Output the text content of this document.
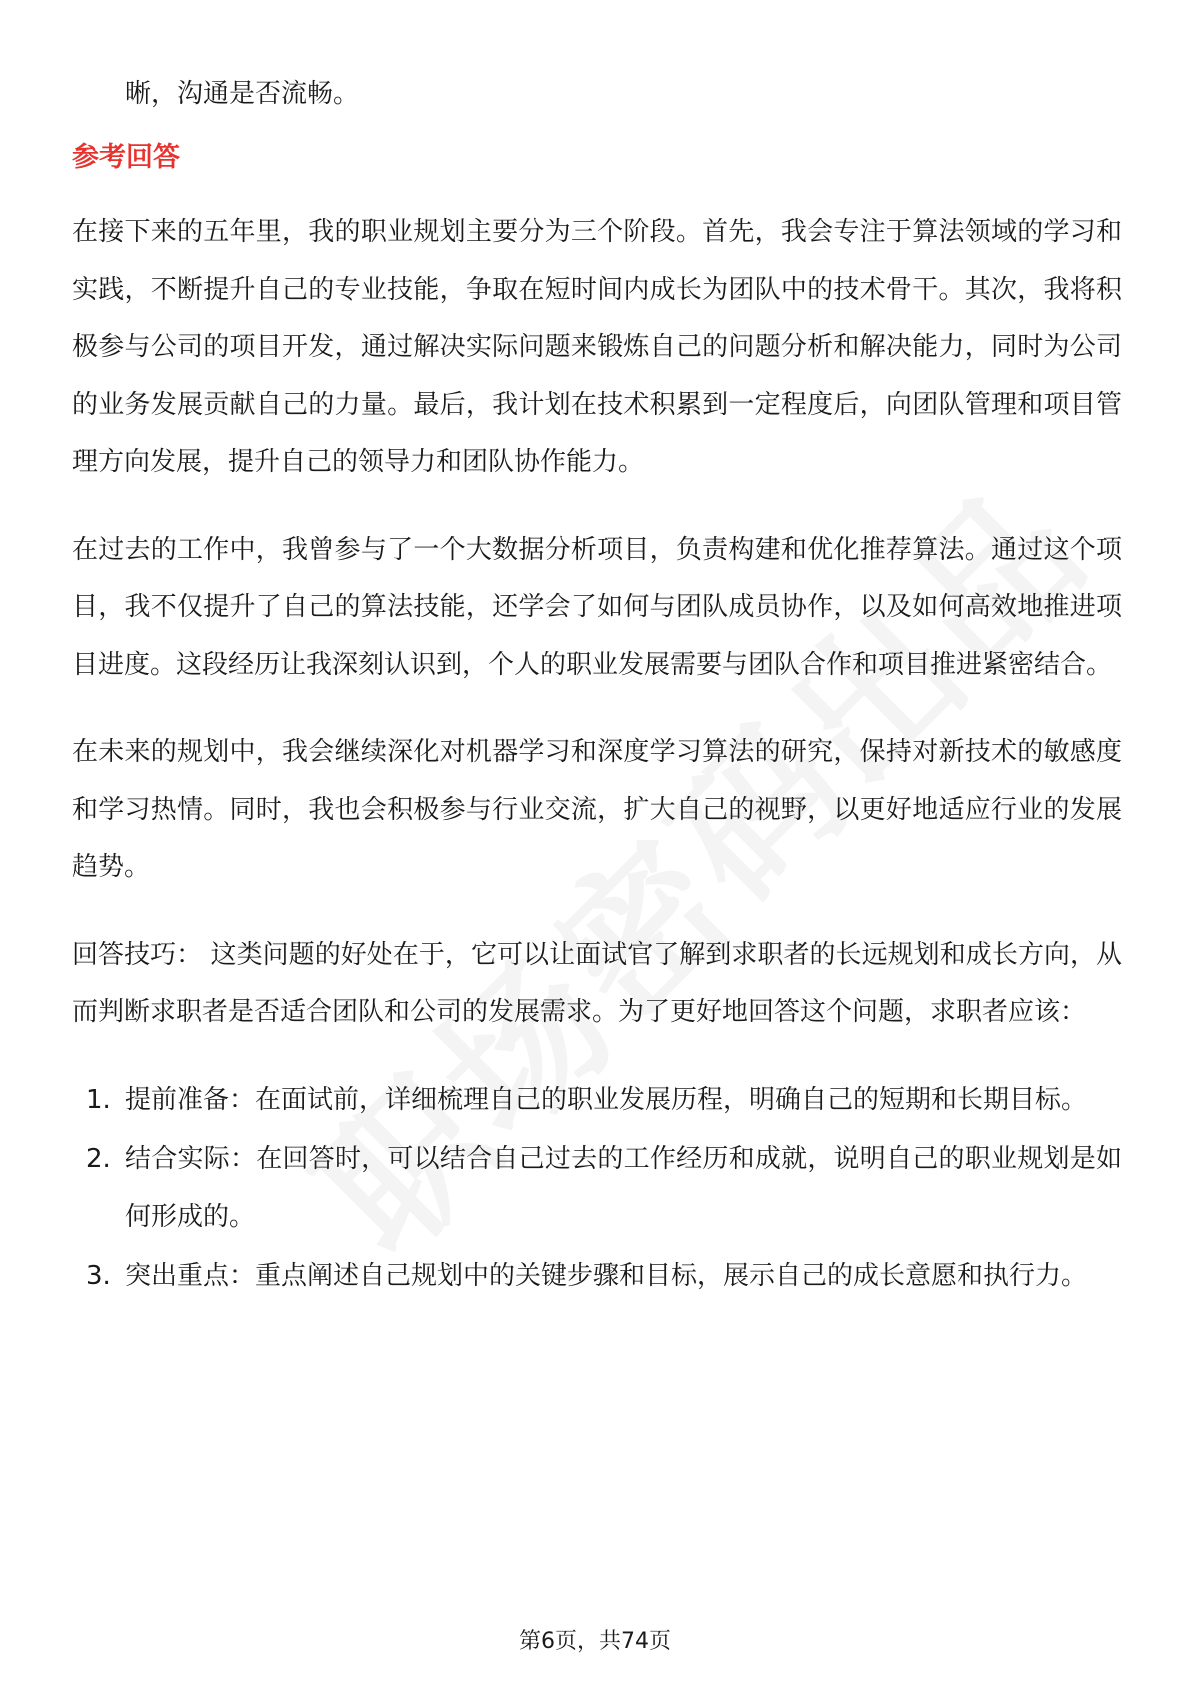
晰，沟通是否流畅。
参考回答

在接下来的五年里，我的职业规划主要分为三个阶段。首先，我会专注于算法领域的学习和实践，不断提升自己的专业技能，争取在短时间内成长为团队中的技术骨干。其次，我将积极参与公司的项目开发，通过解决实际问题来锻炼自己的问题分析和解决能力，同时为公司的业务发展贡献自己的力量。最后，我计划在技术积累到一定程度后，向团队管理和项目管理方向发展，提升自己的领导力和团队协作能力。

在过去的工作中，我曾参与了一个大数据分析项目，负责构建和优化推荐算法。通过这个项目，我不仅提升了自己的算法技能，还学会了如何与团队成员协作，以及如何高效地推进项目进度。这段经历让我深刻认识到，个人的职业发展需要与团队合作和项目推进紧密结合。

在未来的规划中，我会继续深化对机器学习和深度学习算法的研究，保持对新技术的敏感度和学习热情。同时，我也会积极参与行业交流，扩大自己的视野，以更好地适应行业的发展趋势。

回答技巧： 这类问题的好处在于，它可以让面试官了解到求职者的长远规划和成长方向，从而判断求职者是否适合团队和公司的发展需求。为了更好地回答这个问题，求职者应该：

1. 提前准备：在面试前，详细梳理自己的职业发展历程，明确自己的短期和长期目标。
2. 结合实际：在回答时，可以结合自己过去的工作经历和成就，说明自己的职业规划是如何形成的。
3. 突出重点：重点阐述自己规划中的关键步骤和目标，展示自己的成长意愿和执行力。
第6页，共74页
